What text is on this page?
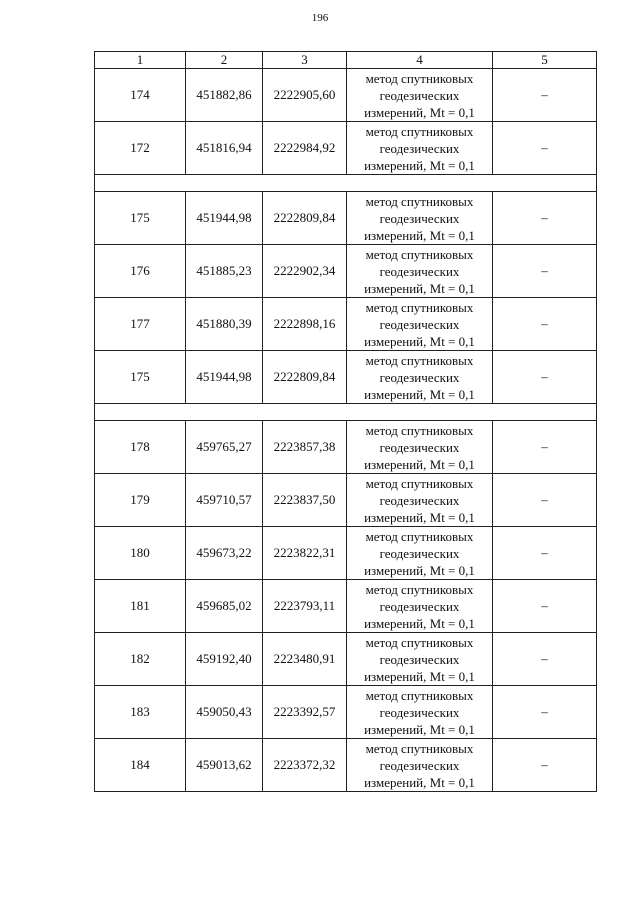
196
1	2	3	4	5
174	451882,86	2222905,60	метод спутниковых
геодезических
измерений, Mt = 0,1	–
172	451816,94	2222984,92	метод спутниковых
геодезических
измерений, Mt = 0,1	–

175	451944,98	2222809,84	метод спутниковых
геодезических
измерений, Mt = 0,1	–
176	451885,23	2222902,34	метод спутниковых
геодезических
измерений, Mt = 0,1	–
177	451880,39	2222898,16	метод спутниковых
геодезических
измерений, Mt = 0,1	–
175	451944,98	2222809,84	метод спутниковых
геодезических
измерений, Mt = 0,1	–

178	459765,27	2223857,38	метод спутниковых
геодезических
измерений, Mt = 0,1	–
179	459710,57	2223837,50	метод спутниковых
геодезических
измерений, Mt = 0,1	–
180	459673,22	2223822,31	метод спутниковых
геодезических
измерений, Mt = 0,1	–
181	459685,02	2223793,11	метод спутниковых
геодезических
измерений, Mt = 0,1	–
182	459192,40	2223480,91	метод спутниковых
геодезических
измерений, Mt = 0,1	–
183	459050,43	2223392,57	метод спутниковых
геодезических
измерений, Mt = 0,1	–
184	459013,62	2223372,32	метод спутниковых
геодезических
измерений, Mt = 0,1	–
